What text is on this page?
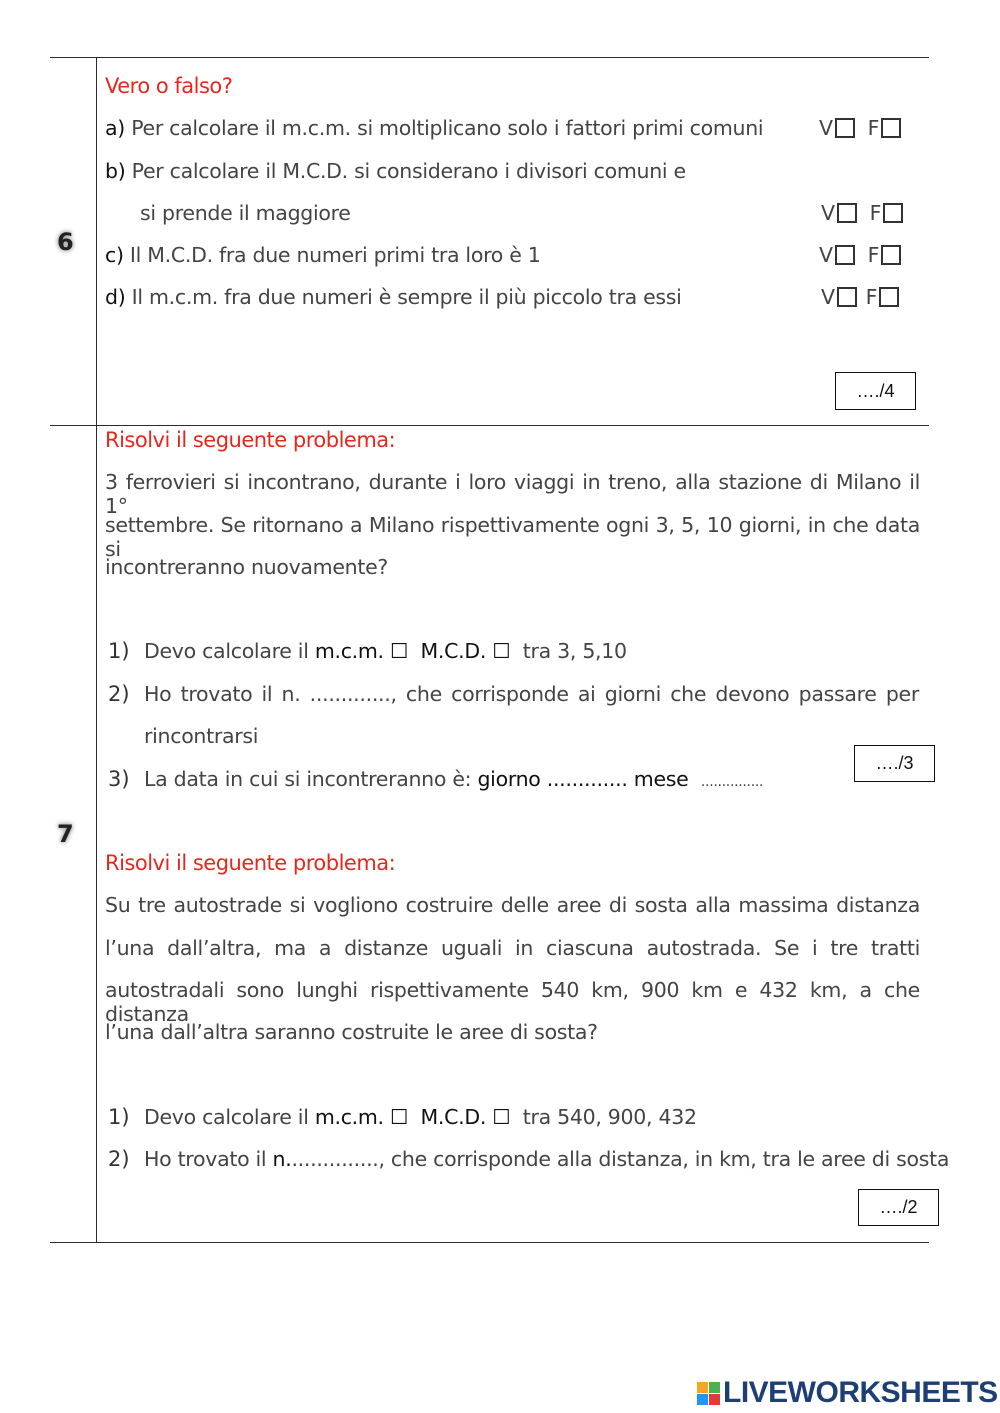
6
Vero o falso?
a) Per calcolare il m.c.m. si moltiplicano solo i fattori primi comuni	V F
b) Per calcolare il M.C.D. si considerano i divisori comuni e
si prende il maggiore	V F
c) Il M.C.D. fra due numeri primi tra loro è 1	V F
d) Il m.c.m. fra due numeri è sempre il più piccolo tra essi	V F
…./4
7
Risolvi il seguente problema:
3 ferrovieri si incontrano, durante i loro viaggi in treno, alla stazione di Milano il 1°
settembre. Se ritornano a Milano rispettivamente ogni 3, 5, 10 giorni, in che data si
incontreranno nuovamente?
1) Devo calcolare il m.c.m. ☐ M.C.D. ☐ tra 3, 5,10
2) Ho trovato il n. ............., che corrisponde ai giorni che devono passare per
rincontrarsi
3) La data in cui si incontreranno è: giorno ............. mese ...............
…./3
Risolvi il seguente problema:
Su tre autostrade si vogliono costruire delle aree di sosta alla massima distanza
l’una dall’altra, ma a distanze uguali in ciascuna autostrada. Se i tre tratti
autostradali sono lunghi rispettivamente 540 km, 900 km e 432 km, a che distanza
l’una dall’altra saranno costruite le aree di sosta?
1) Devo calcolare il m.c.m. ☐ M.C.D. ☐ tra 540, 900, 432
2) Ho trovato il n..............., che corrisponde alla distanza, in km, tra le aree di sosta
…./2
LIVEWORKSHEETS
